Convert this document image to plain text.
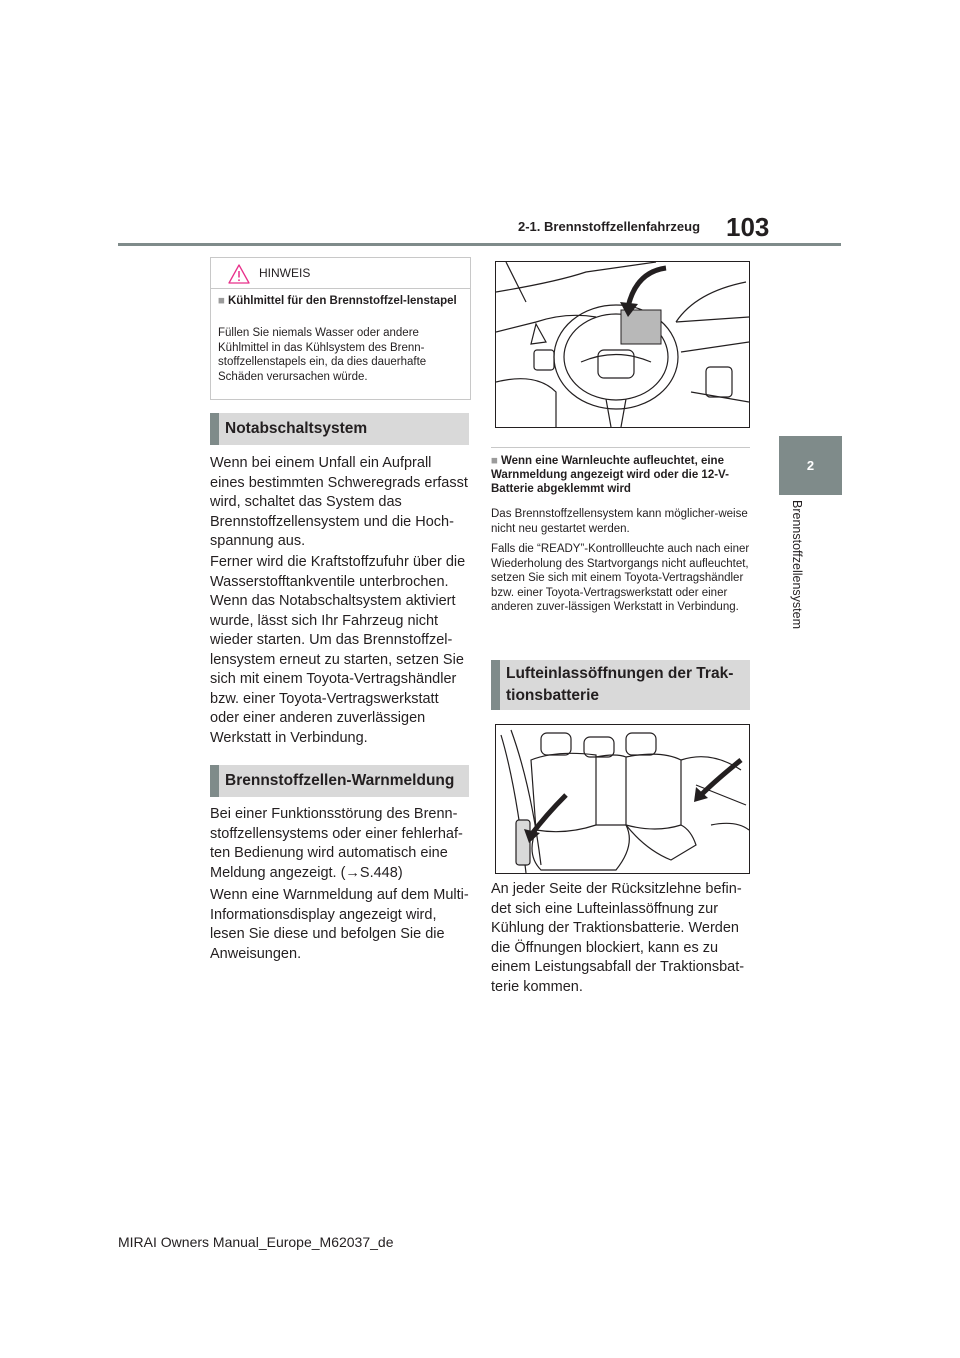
2-1. Brennstoffzellenfahrzeug 103
2
Brennstoffzellensystem
HINWEIS
■ Kühlmittel für den Brennstoffzel-lenstapel
Füllen Sie niemals Wasser oder andere Kühlmittel in das Kühlsystem des Brenn-stoffzellenstapels ein, da dies dauerhafte Schäden verursachen würde.
Notabschaltsystem
Wenn bei einem Unfall ein Aufprall eines bestimmten Schweregrads erfasst wird, schaltet das System das Brennstoffzellensystem und die Hoch-spannung aus.
Ferner wird die Kraftstoffzufuhr über die Wasserstofftankventile unterbrochen. Wenn das Notabschaltsystem aktiviert wurde, lässt sich Ihr Fahrzeug nicht wieder starten. Um das Brennstoffzel-lensystem erneut zu starten, setzen Sie sich mit einem Toyota-Vertragshändler bzw. einer Toyota-Vertragswerkstatt oder einer anderen zuverlässigen Werkstatt in Verbindung.
Brennstoffzellen-Warnmeldung
Bei einer Funktionsstörung des Brenn-stoffzellensystems oder einer fehlerhaf-ten Bedienung wird automatisch eine Meldung angezeigt. (→S.448)
Wenn eine Warnmeldung auf dem Multi-Informationsdisplay angezeigt wird, lesen Sie diese und befolgen Sie die Anweisungen.
■ Wenn eine Warnleuchte aufleuchtet, eine Warnmeldung angezeigt wird oder die 12-V-Batterie abgeklemmt wird
Das Brennstoffzellensystem kann möglicher-weise nicht neu gestartet werden.
Falls die “READY”-Kontrollleuchte auch nach einer Wiederholung des Startvorgangs nicht aufleuchtet, setzen Sie sich mit einem Toyota-Vertragshändler bzw. einer Toyota-Vertragswerkstatt oder einer anderen zuver-lässigen Werkstatt in Verbindung.
Lufteinlassöffnungen der Trak-tionsbatterie
An jeder Seite der Rücksitzlehne befin-det sich eine Lufteinlassöffnung zur Kühlung der Traktionsbatterie. Werden die Öffnungen blockiert, kann es zu einem Leistungsabfall der Traktionsbat-terie kommen.
MIRAI Owners Manual_Europe_M62037_de
